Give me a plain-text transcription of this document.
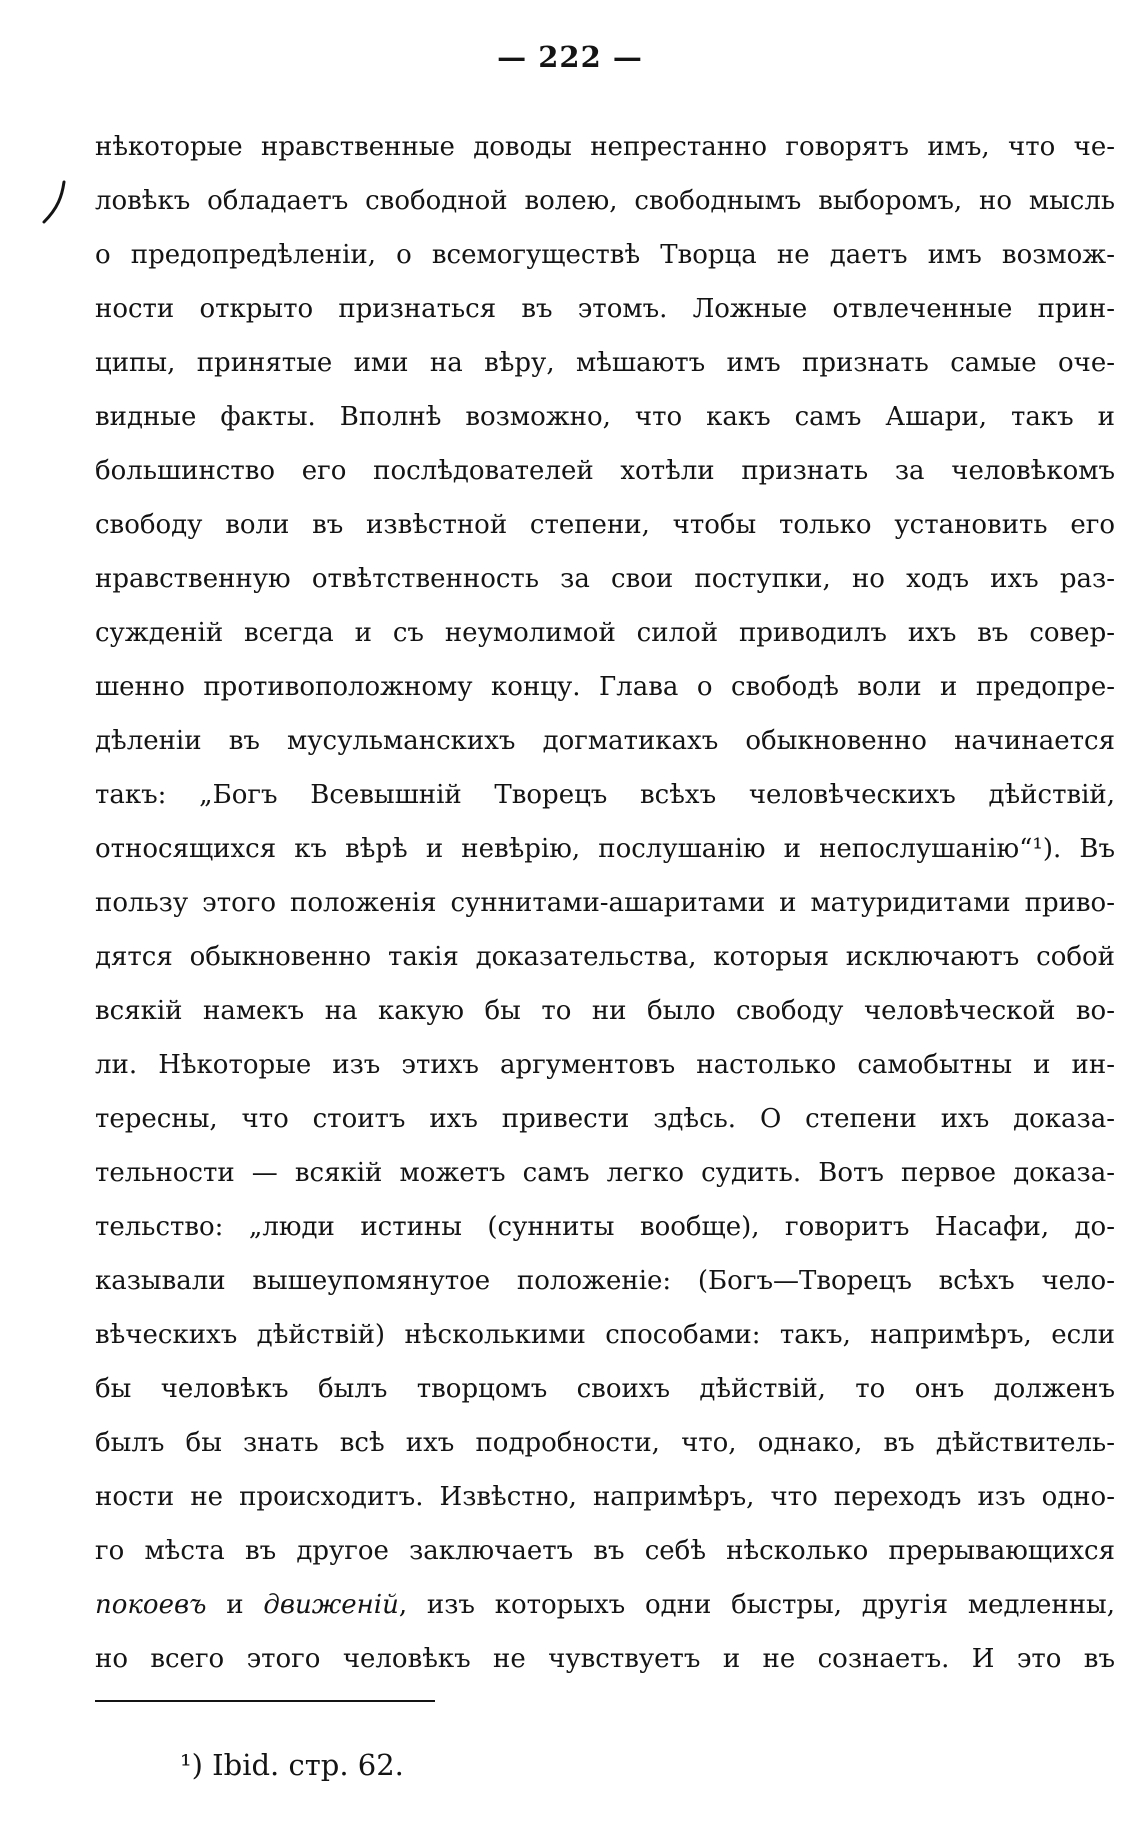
— 222 —
нѣкоторые нравственные доводы непрестанно говорятъ имъ, что че-
ловѣкъ обладаетъ свободной волею, свободнымъ выборомъ, но мысль
о предопредѣленіи, о всемогуществѣ Творца не даетъ имъ возмож-
ности открыто признаться въ этомъ. Ложные отвлеченные прин-
ципы, принятые ими на вѣру, мѣшаютъ имъ признать самые оче-
видные факты. Вполнѣ возможно, что какъ самъ Ашари, такъ и
большинство его послѣдователей хотѣли признать за человѣкомъ
свободу воли въ извѣстной степени, чтобы только установить его
нравственную отвѣтственность за свои поступки, но ходъ ихъ раз-
сужденій всегда и съ неумолимой силой приводилъ ихъ въ совер-
шенно противоположному концу. Глава о свободѣ воли и предопре-
дѣленіи въ мусульманскихъ догматикахъ обыкновенно начинается
такъ: „Богъ Всевышній Творецъ всѣхъ человѣческихъ дѣйствій,
относящихся къ вѣрѣ и невѣрію, послушанію и непослушанію“¹). Въ
пользу этого положенія суннитами-ашаритами и матуридитами приво-
дятся обыкновенно такія доказательства, которыя исключаютъ собой
всякій намекъ на какую бы то ни было свободу человѣческой во-
ли. Нѣкоторые изъ этихъ аргументовъ настолько самобытны и ин-
тересны, что стоитъ ихъ привести здѣсь. О степени ихъ доказа-
тельности — всякій можетъ самъ легко судить. Вотъ первое доказа-
тельство: „люди истины (сунниты вообще), говоритъ Насафи, до-
казывали вышеупомянутое положеніе: (Богъ—Творецъ всѣхъ чело-
вѣческихъ дѣйствій) нѣсколькими способами: такъ, напримѣръ, если
бы человѣкъ былъ творцомъ своихъ дѣйствій, то онъ долженъ
былъ бы знать всѣ ихъ подробности, что, однако, въ дѣйствитель-
ности не происходитъ. Извѣстно, напримѣръ, что переходъ изъ одно-
го мѣста въ другое заключаетъ въ себѣ нѣсколько прерывающихся
покоевъ и движеній, изъ которыхъ одни быстры, другія медленны,
но всего этого человѣкъ не чувствуетъ и не сознаетъ. И это въ
¹) Ibid. стр. 62.
